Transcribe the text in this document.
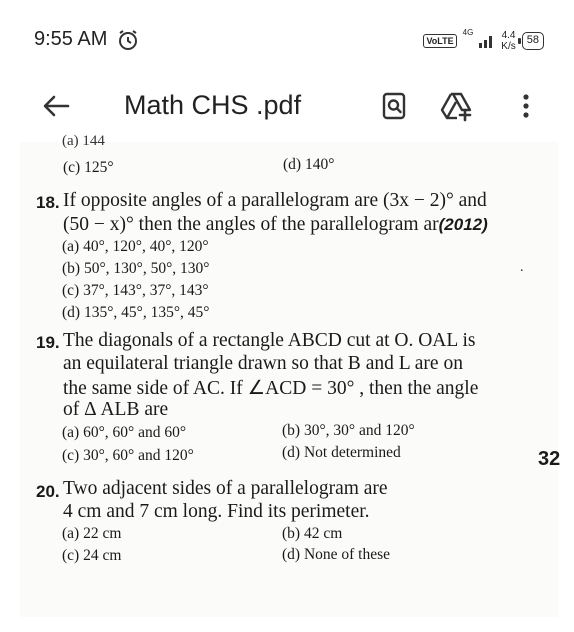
9:55 AM	VoLTE
4G	4.4
K/s
58
Math CHS .pdf
(a) 144
(c) 125°	(d) 140°
18. If opposite angles of a parallelogram are (3x − 2)° and
(50 − x)° then the angles of the parallelogram ar(2012)
(a) 40°, 120°, 40°, 120°
(b) 50°, 130°, 50°, 130°
(c) 37°, 143°, 37°, 143°
(d) 135°, 45°, 135°, 45°
.
19. The diagonals of a rectangle ABCD cut at O. OAL is
an equilateral triangle drawn so that B and L are on
the same side of AC. If ∠ACD = 30° , then the angle
of Δ ALB are
(a) 60°, 60° and 60°	(b) 30°, 30° and 120°
(c) 30°, 60° and 120°	(d) Not determined	32
20. Two adjacent sides of a parallelogram are
4 cm and 7 cm long. Find its perimeter.
(a) 22 cm	(b) 42 cm
(c) 24 cm	(d) None of these
